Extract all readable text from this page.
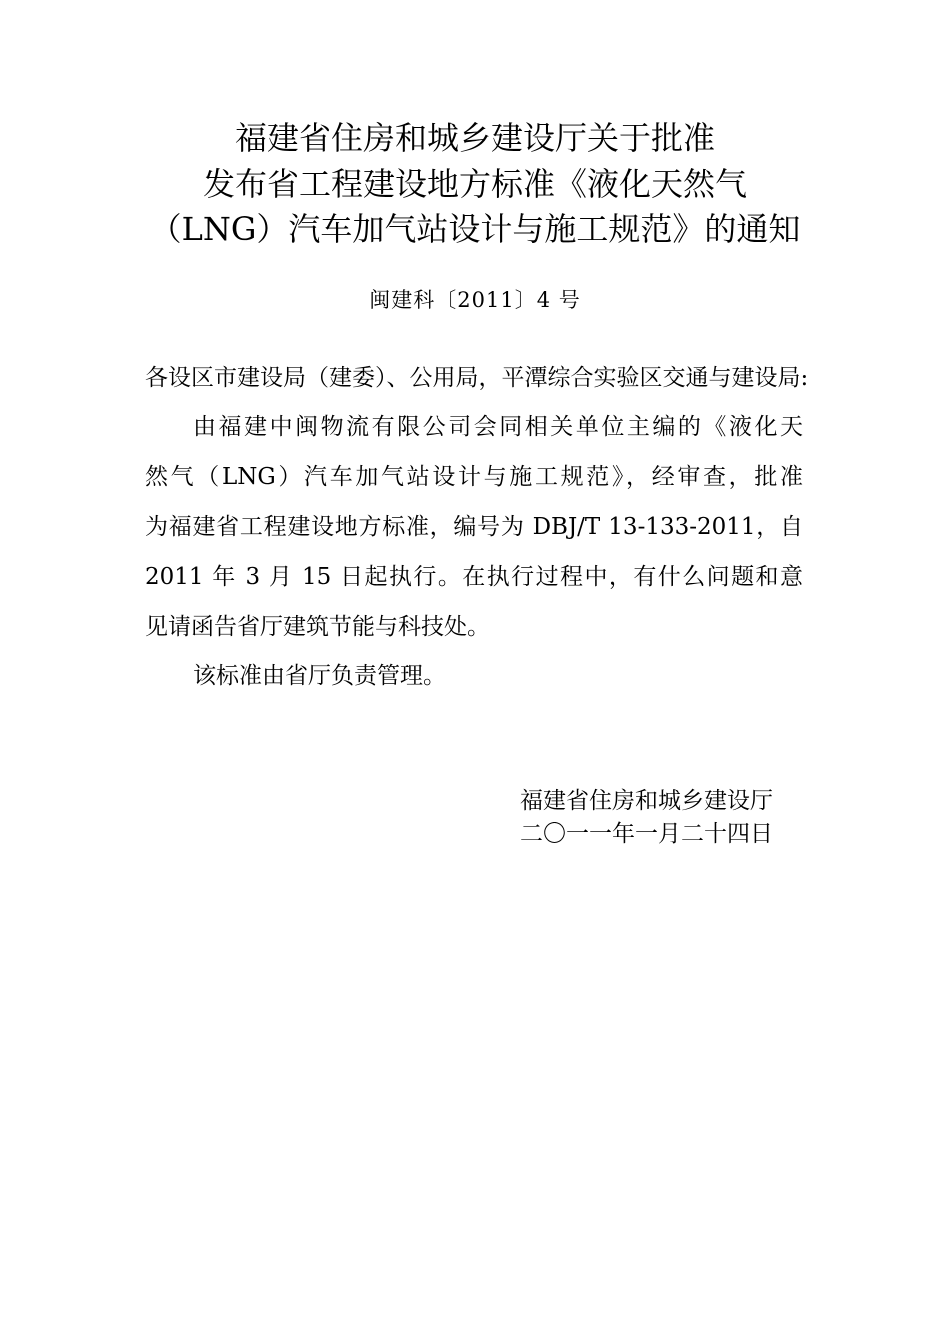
福建省住房和城乡建设厅关于批准
发布省工程建设地方标准《液化天然气
（LNG）汽车加气站设计与施工规范》的通知
闽建科〔2011〕4 号
各设区市建设局（建委）、公用局，平潭综合实验区交通与建设局:
由福建中闽物流有限公司会同相关单位主编的《液化天
然气（LNG）汽车加气站设计与施工规范》，经审查，批准
为福建省工程建设地方标准，编号为 DBJ/T 13-133-2011，自
2011 年 3 月 15 日起执行。在执行过程中，有什么问题和意
见请函告省厅建筑节能与科技处。
该标准由省厅负责管理。
福建省住房和城乡建设厅
二〇一一年一月二十四日
